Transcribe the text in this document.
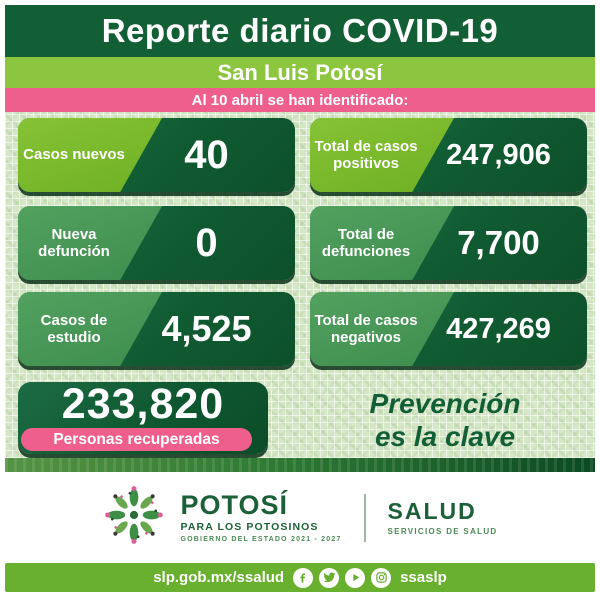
Reporte diario COVID-19
San Luis Potosí
Al 10 abril se han identificado:
Casos nuevos	40	Total de casos positivos	247,906
Nueva defunción	0	Total de defunciones	7,700
Casos de estudio	4,525	Total de casos negativos	427,269
233,820
Personas recuperadas
Prevención
es la clave
POTOSÍ
PARA LOS POTOSINOS
GOBIERNO DEL ESTADO 2021 - 2027
SALUD
SERVICIOS DE SALUD
slp.gob.mx/ssalud	ssaslp
